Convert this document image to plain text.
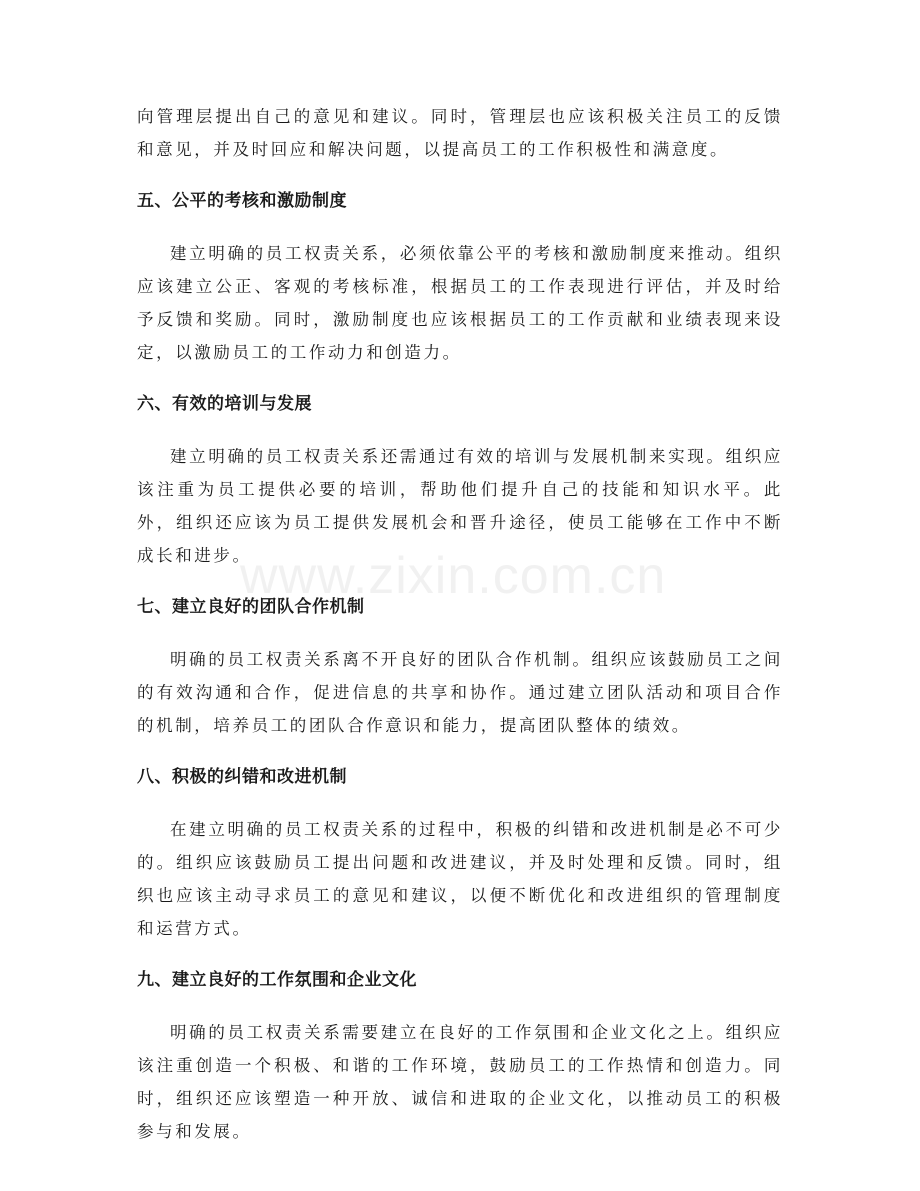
向管理层提出自己的意见和建议。同时，管理层也应该积极关注员工的反馈和意见，并及时回应和解决问题，以提高员工的工作积极性和满意度。

五、公平的考核和激励制度

建立明确的员工权责关系，必须依靠公平的考核和激励制度来推动。组织应该建立公正、客观的考核标准，根据员工的工作表现进行评估，并及时给予反馈和奖励。同时，激励制度也应该根据员工的工作贡献和业绩表现来设定，以激励员工的工作动力和创造力。

六、有效的培训与发展

建立明确的员工权责关系还需通过有效的培训与发展机制来实现。组织应该注重为员工提供必要的培训，帮助他们提升自己的技能和知识水平。此外，组织还应该为员工提供发展机会和晋升途径，使员工能够在工作中不断成长和进步。

七、建立良好的团队合作机制

明确的员工权责关系离不开良好的团队合作机制。组织应该鼓励员工之间的有效沟通和合作，促进信息的共享和协作。通过建立团队活动和项目合作的机制，培养员工的团队合作意识和能力，提高团队整体的绩效。

八、积极的纠错和改进机制

在建立明确的员工权责关系的过程中，积极的纠错和改进机制是必不可少的。组织应该鼓励员工提出问题和改进建议，并及时处理和反馈。同时，组织也应该主动寻求员工的意见和建议，以便不断优化和改进组织的管理制度和运营方式。

九、建立良好的工作氛围和企业文化

明确的员工权责关系需要建立在良好的工作氛围和企业文化之上。组织应该注重创造一个积极、和谐的工作环境，鼓励员工的工作热情和创造力。同时，组织还应该塑造一种开放、诚信和进取的企业文化，以推动员工的积极参与和发展。

www.zixin.com.cn
